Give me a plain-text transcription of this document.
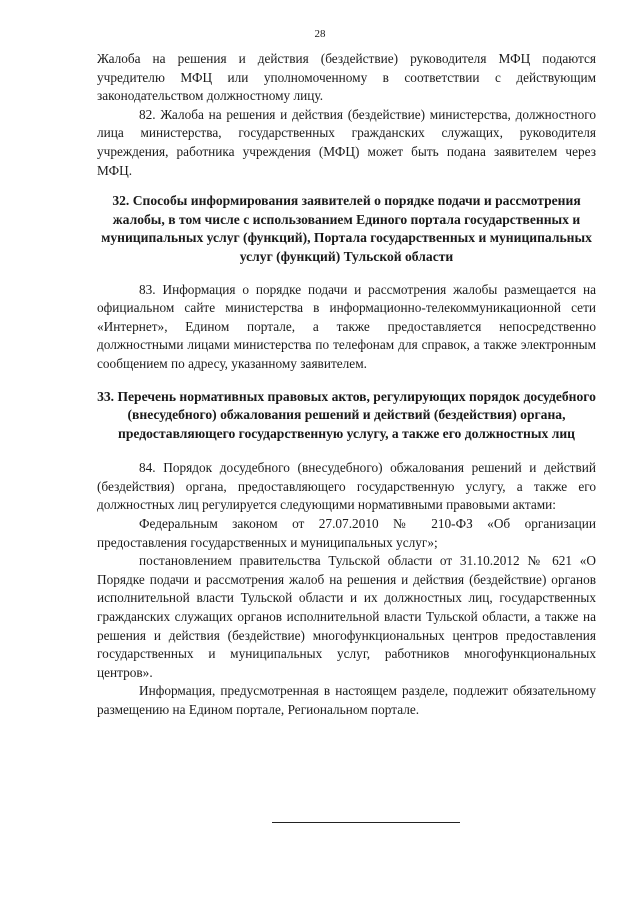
28

Жалоба на решения и действия (бездействие) руководителя МФЦ подаются учредителю МФЦ или уполномоченному в соответствии с действующим законодательством должностному лицу.

82. Жалоба на решения и действия (бездействие) министерства, должностного лица министерства, государственных гражданских служащих, руководителя учреждения, работника учреждения (МФЦ) может быть подана заявителем через МФЦ.

32. Способы информирования заявителей о порядке подачи и рассмотрения жалобы, в том числе с использованием Единого портала государственных и муниципальных услуг (функций), Портала государственных и муниципальных услуг (функций) Тульской области

83. Информация о порядке подачи и рассмотрения жалобы размещается на официальном сайте министерства в информационно-телекоммуникационной сети «Интернет», Едином портале, а также предоставляется непосредственно должностными лицами министерства по телефонам для справок, а также электронным сообщением по адресу, указанному заявителем.

33. Перечень нормативных правовых актов, регулирующих порядок досудебного (внесудебного) обжалования решений и действий (бездействия) органа, предоставляющего государственную услугу, а также его должностных лиц

84. Порядок досудебного (внесудебного) обжалования решений и действий (бездействия) органа, предоставляющего государственную услугу, а также его должностных лиц регулируется следующими нормативными правовыми актами:

Федеральным законом от 27.07.2010 № 210-ФЗ «Об организации предоставления государственных и муниципальных услуг»;

постановлением правительства Тульской области от 31.10.2012 № 621 «О Порядке подачи и рассмотрения жалоб на решения и действия (бездействие) органов исполнительной власти Тульской области и их должностных лиц, государственных гражданских служащих органов исполнительной власти Тульской области, а также на решения и действия (бездействие) многофункциональных центров предоставления государственных и муниципальных услуг, работников многофункциональных центров».

Информация, предусмотренная в настоящем разделе, подлежит обязательному размещению на Едином портале, Региональном портале.
